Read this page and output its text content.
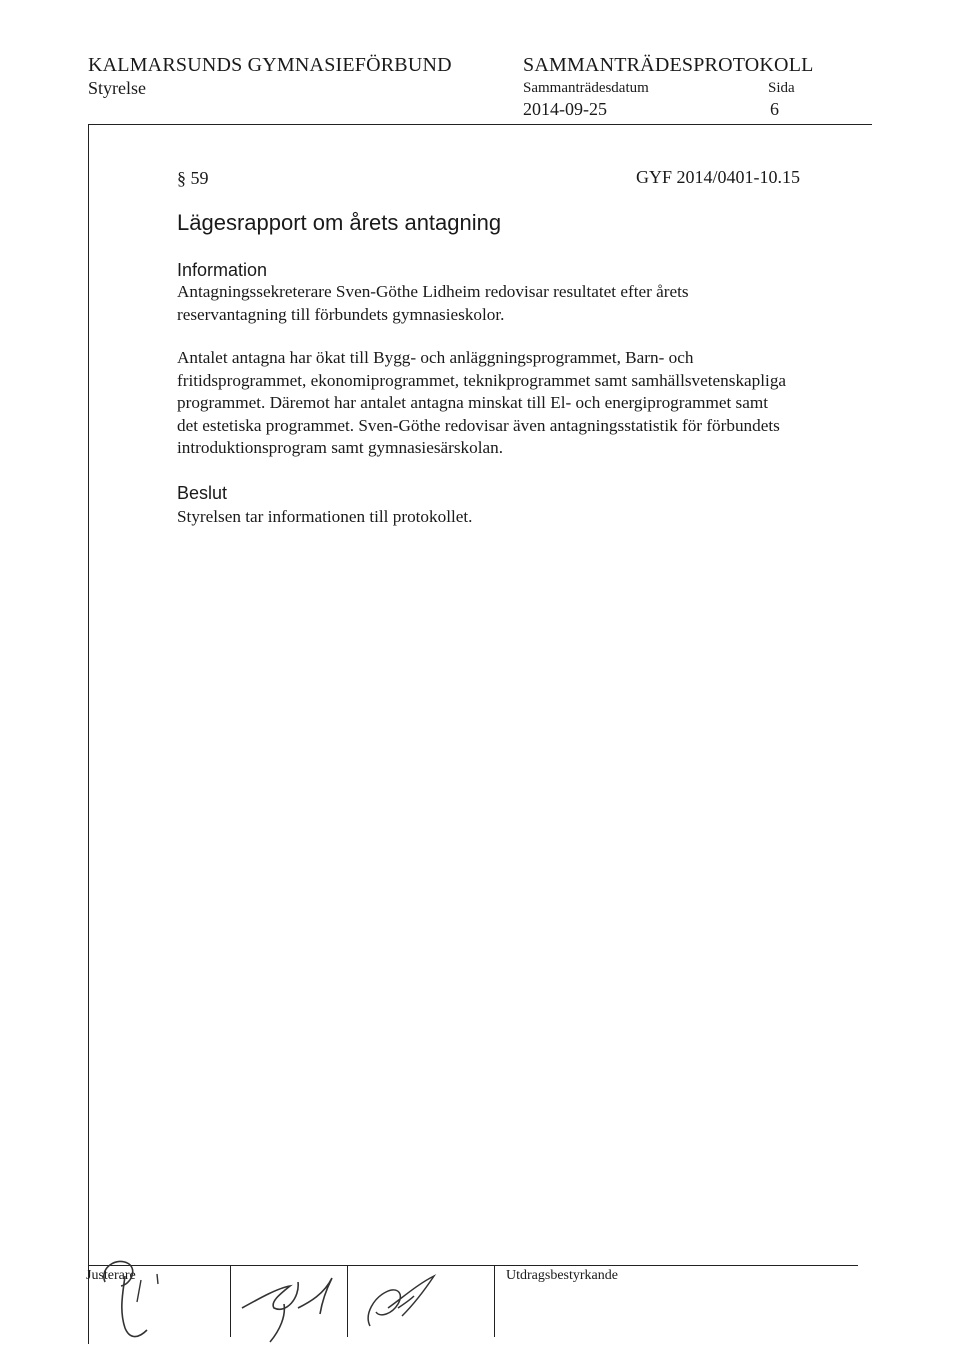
KALMARSUNDS GYMNASIEFÖRBUND
Styrelse
SAMMANTRÄDESPROTOKOLL
Sammanträdesdatum
2014-09-25
Sida
6
§ 59	GYF 2014/0401-10.15
Lägesrapport om årets antagning
Information
Antagningssekreterare Sven-Göthe Lidheim redovisar resultatet efter årets
reservantagning till förbundets gymnasieskolor.
Antalet antagna har ökat till Bygg- och anläggningsprogrammet, Barn- och
fritidsprogrammet, ekonomiprogrammet, teknikprogrammet samt samhällsvetenskapliga
programmet. Däremot har antalet antagna minskat till El- och energiprogrammet samt
det estetiska programmet. Sven-Göthe redovisar även antagningsstatistik för förbundets
introduktionsprogram samt gymnasiesärskolan.
Beslut
Styrelsen tar informationen till protokollet.
Justerare	Utdragsbestyrkande
